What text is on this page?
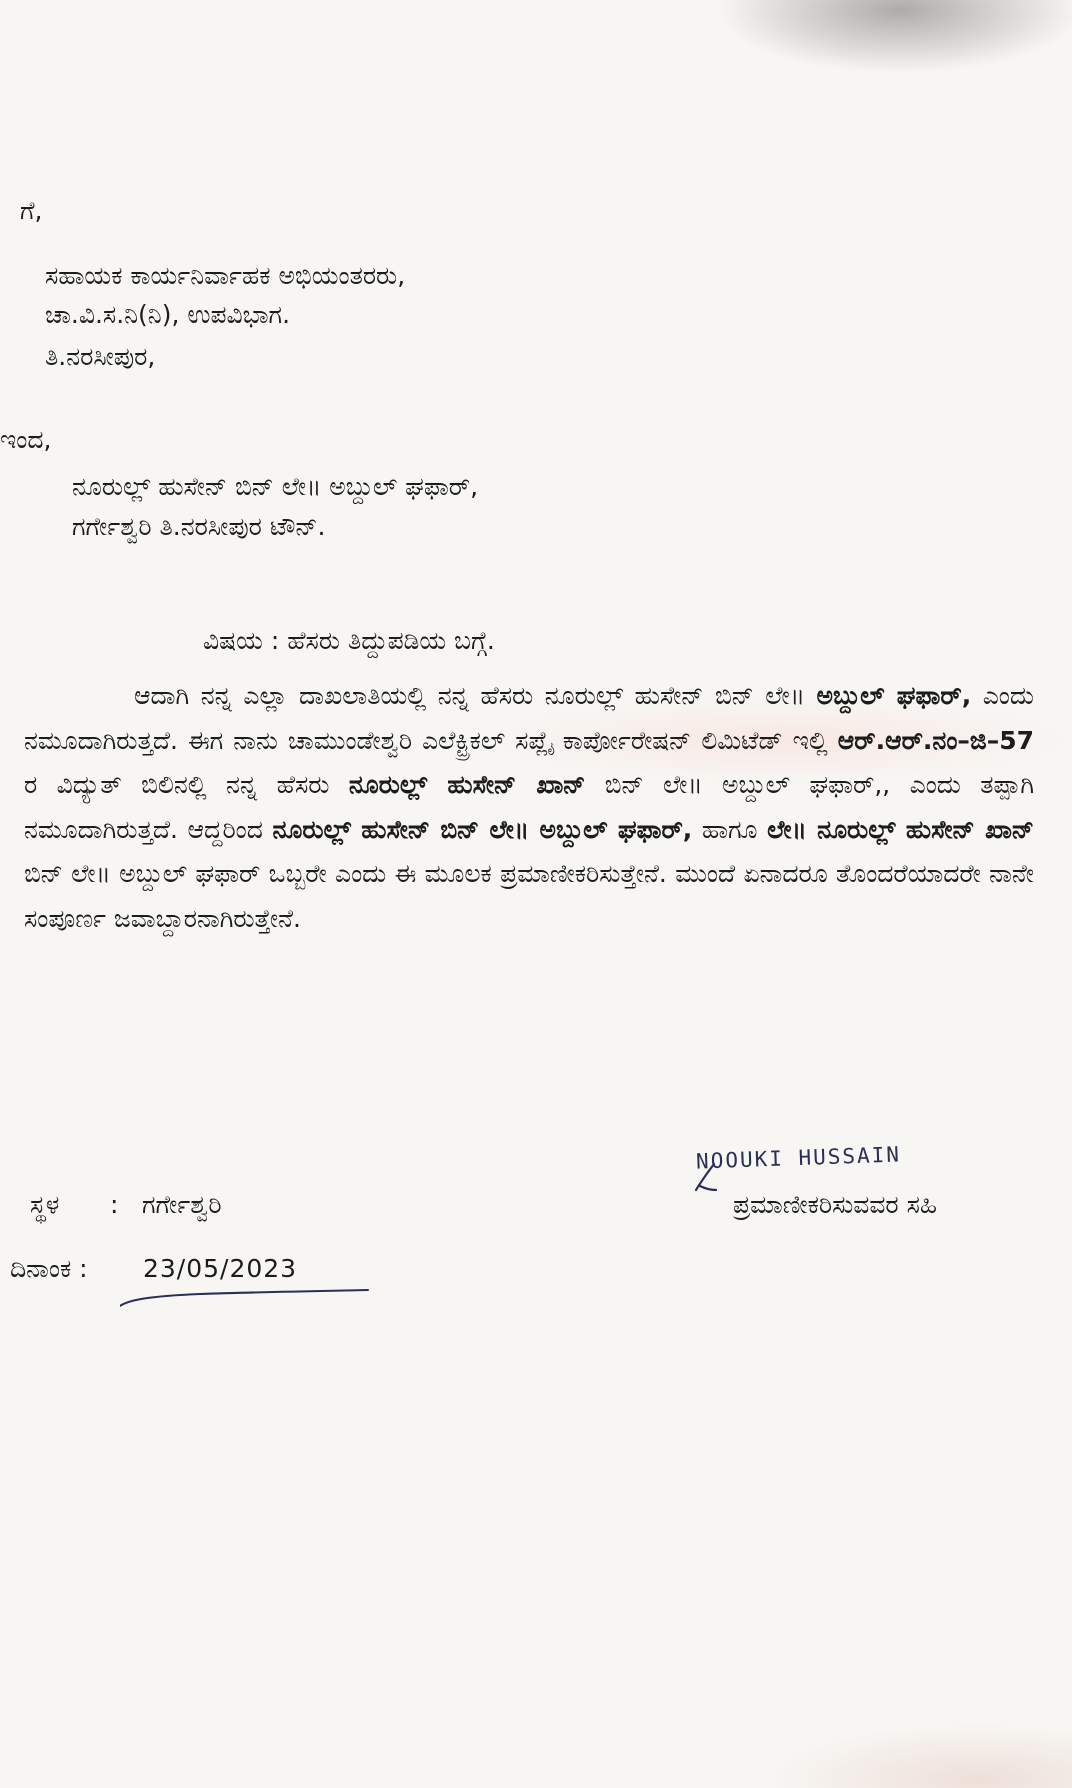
ಗೆ,
ಸಹಾಯಕ ಕಾರ್ಯನಿರ್ವಾಹಕ ಅಭಿಯಂತರರು,
ಚಾ.ವಿ.ಸ.ನಿ(ನಿ), ಉಪವಿಭಾಗ.
ತಿ.ನರಸೀಪುರ,
ಇಂದ,
ನೂರುಲ್ಲ್ ಹುಸೇನ್ ಬಿನ್ ಲೇ॥ ಅಬ್ದುಲ್ ಘಫಾರ್,
ಗರ್ಗೇಶ್ವರಿ ತಿ.ನರಸೀಪುರ ಟೌನ್.
ವಿಷಯ : ಹೆಸರು ತಿದ್ದುಪಡಿಯ ಬಗ್ಗೆ.
ಆದಾಗಿ ನನ್ನ ಎಲ್ಲಾ ದಾಖಲಾತಿಯಲ್ಲಿ ನನ್ನ ಹೆಸರು ನೂರುಲ್ಲ್ ಹುಸೇನ್ ಬಿನ್ ಲೇ॥ ಅಬ್ದುಲ್ ಘಫಾರ್, ಎಂದು ನಮೂದಾಗಿರುತ್ತದೆ. ಈಗ ನಾನು ಚಾಮುಂಡೇಶ್ವರಿ ಎಲೆಕ್ಟ್ರಿಕಲ್ ಸಪ್ಲೈ ಕಾರ್ಪೋರೇಷನ್ ಲಿಮಿಟೆಡ್ ಇಲ್ಲಿ ಆರ್.ಆರ್.ನಂ–ಜಿ–57 ರ ವಿದ್ಯುತ್ ಬಿಲಿನಲ್ಲಿ ನನ್ನ ಹೆಸರು ನೂರುಲ್ಲ್ ಹುಸೇನ್ ಖಾನ್ ಬಿನ್ ಲೇ॥ ಅಬ್ದುಲ್ ಘಫಾರ್,, ಎಂದು ತಪ್ಪಾಗಿ ನಮೂದಾಗಿರುತ್ತದೆ. ಆದ್ದರಿಂದ ನೂರುಲ್ಲ್ ಹುಸೇನ್ ಬಿನ್ ಲೇ॥ ಅಬ್ದುಲ್ ಘಫಾರ್, ಹಾಗೂ ಲೇ॥ ನೂರುಲ್ಲ್ ಹುಸೇನ್ ಖಾನ್ ಬಿನ್ ಲೇ॥ ಅಬ್ದುಲ್ ಘಫಾರ್ ಒಬ್ಬರೇ ಎಂದು ಈ ಮೂಲಕ ಪ್ರಮಾಣೀಕರಿಸುತ್ತೇನೆ. ಮುಂದೆ ಏನಾದರೂ ತೊಂದರೆಯಾದರೇ ನಾನೇ ಸಂಪೂರ್ಣ ಜವಾಬ್ದಾರನಾಗಿರುತ್ತೇನೆ.
NOOUKI HUSSAIN
ಪ್ರಮಾಣೀಕರಿಸುವವರ ಸಹಿ
ಸ್ಥಳ : ಗರ್ಗೇಶ್ವರಿ
ದಿನಾಂಕ : 23/05/2023
